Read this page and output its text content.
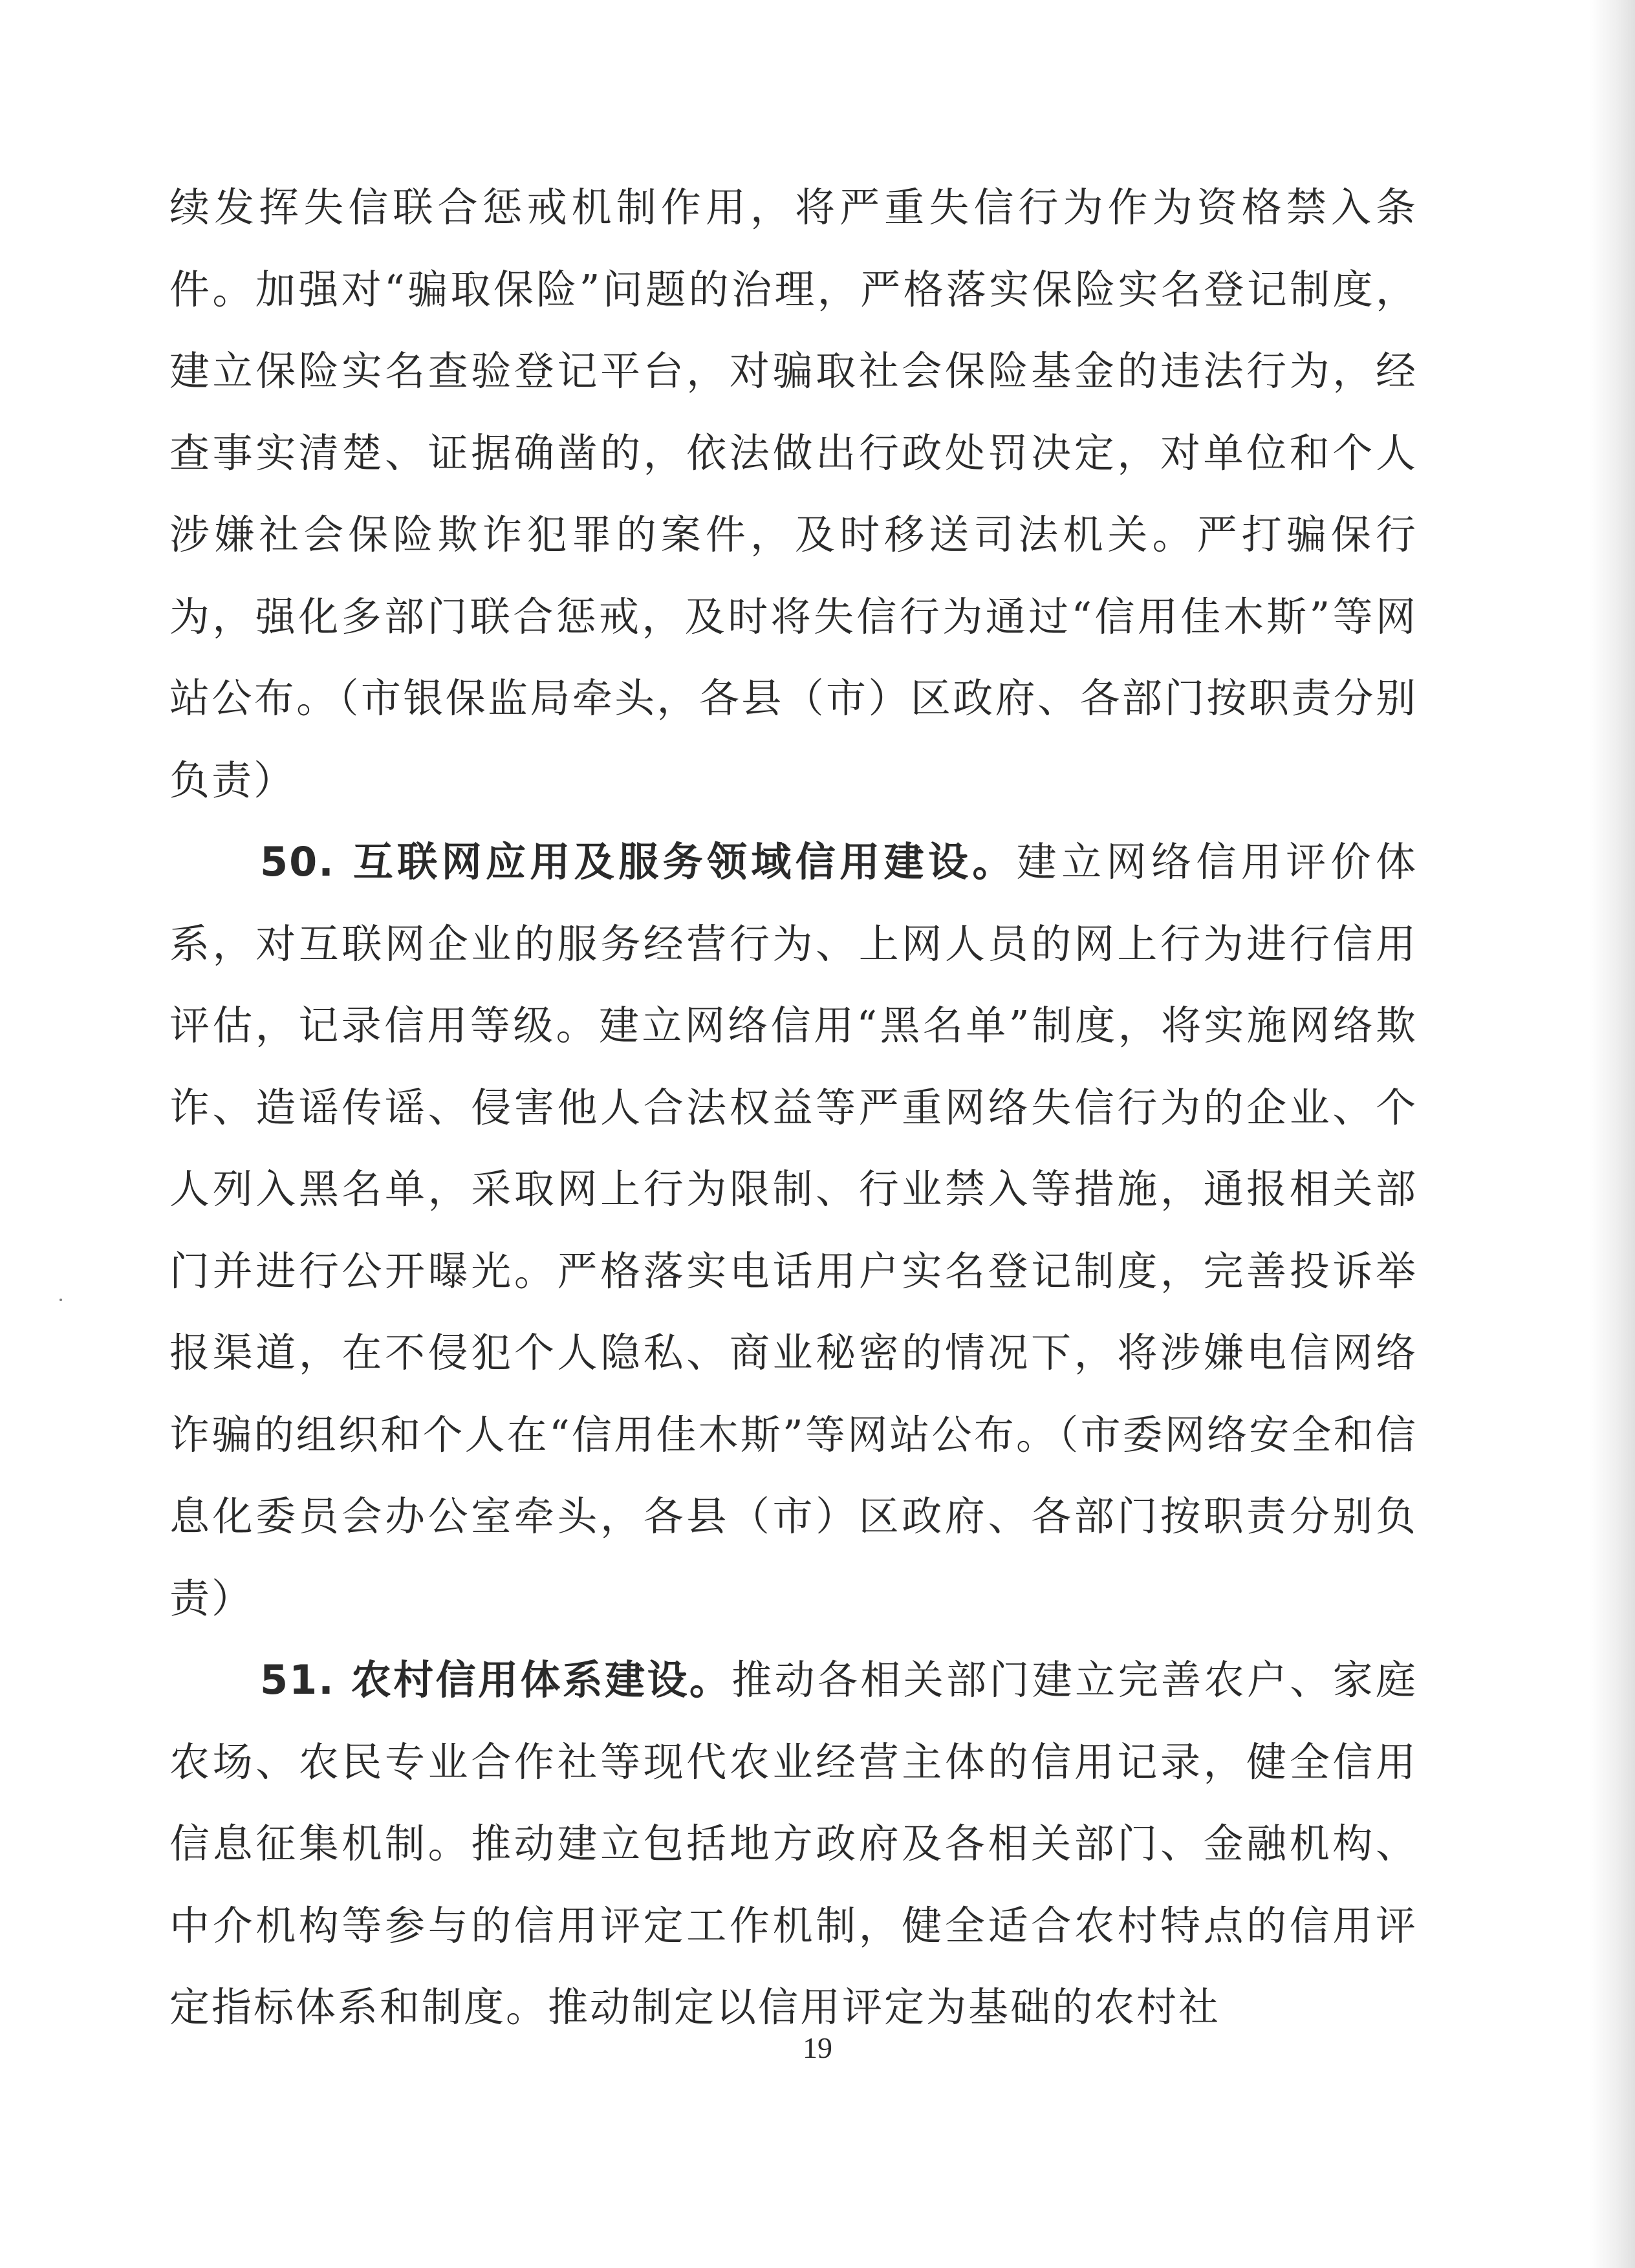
续发挥失信联合惩戒机制作用，将严重失信行为作为资格禁入条件。加强对“骗取保险”问题的治理，严格落实保险实名登记制度，建立保险实名查验登记平台，对骗取社会保险基金的违法行为，经查事实清楚、证据确凿的，依法做出行政处罚决定，对单位和个人涉嫌社会保险欺诈犯罪的案件，及时移送司法机关。严打骗保行为，强化多部门联合惩戒，及时将失信行为通过“信用佳木斯”等网站公布。（市银保监局牵头，各县（市）区政府、各部门按职责分别负责）

50. 互联网应用及服务领域信用建设。建立网络信用评价体系，对互联网企业的服务经营行为、上网人员的网上行为进行信用评估，记录信用等级。建立网络信用“黑名单”制度，将实施网络欺诈、造谣传谣、侵害他人合法权益等严重网络失信行为的企业、个人列入黑名单，采取网上行为限制、行业禁入等措施，通报相关部门并进行公开曝光。严格落实电话用户实名登记制度，完善投诉举报渠道，在不侵犯个人隐私、商业秘密的情况下，将涉嫌电信网络诈骗的组织和个人在“信用佳木斯”等网站公布。（市委网络安全和信息化委员会办公室牵头，各县（市）区政府、各部门按职责分别负责）

51. 农村信用体系建设。推动各相关部门建立完善农户、家庭农场、农民专业合作社等现代农业经营主体的信用记录，健全信用信息征集机制。推动建立包括地方政府及各相关部门、金融机构、中介机构等参与的信用评定工作机制，健全适合农村特点的信用评定指标体系和制度。推动制定以信用评定为基础的农村社

19
